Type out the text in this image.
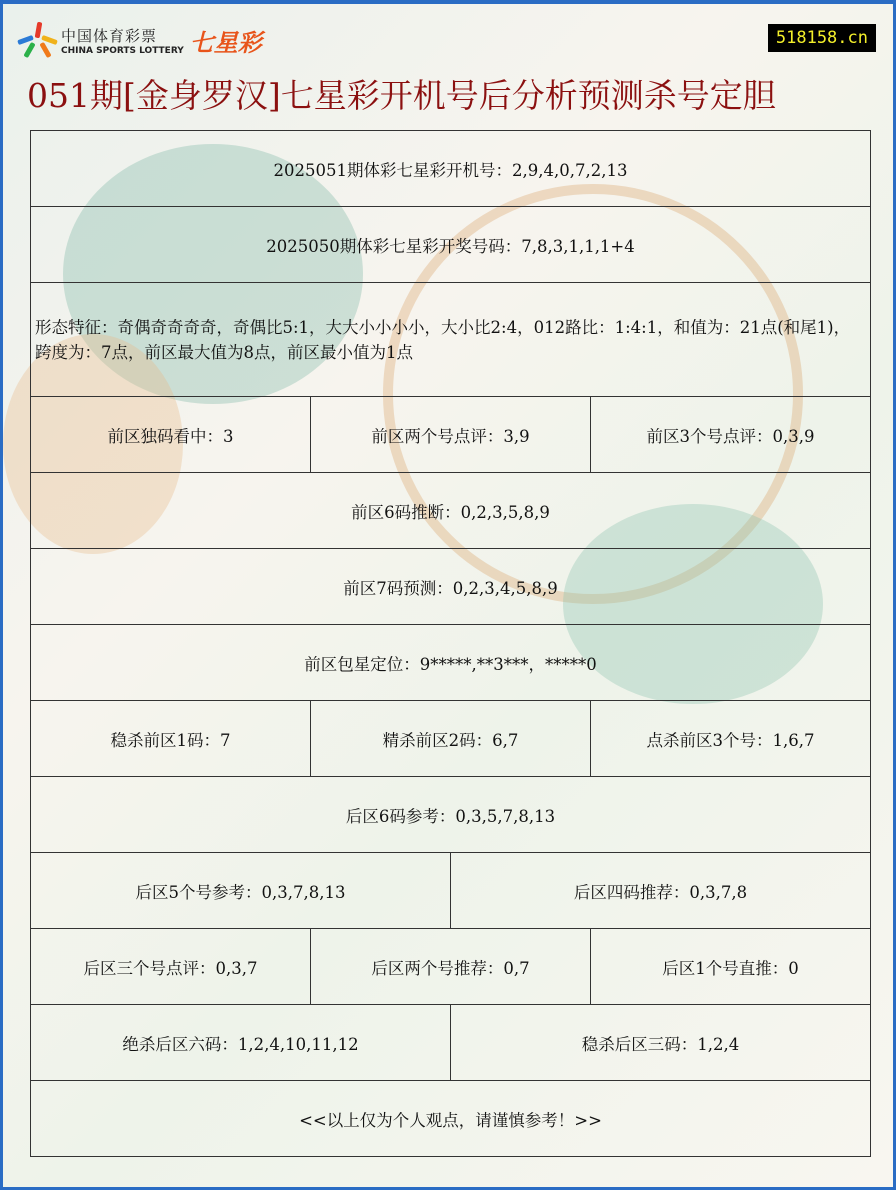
中国体育彩票
CHINA SPORTS LOTTERY 七星彩	518158.cn
051期[金身罗汉]七星彩开机号后分析预测杀号定胆
2025051期体彩七星彩开机号：2,9,4,0,7,2,13
2025050期体彩七星彩开奖号码：7,8,3,1,1,1+4
形态特征：奇偶奇奇奇奇，奇偶比5:1，大大小小小小，大小比2:4，012路比：1:4:1，和值为：21点(和尾1)，跨度为：7点，前区最大值为8点，前区最小值为1点
前区独码看中：3	前区两个号点评：3,9	前区3个号点评：0,3,9
前区6码推断：0,2,3,5,8,9
前区7码预测：0,2,3,4,5,8,9
前区包星定位：9*****,**3***，*****0
稳杀前区1码：7	精杀前区2码：6,7	点杀前区3个号：1,6,7
后区6码参考：0,3,5,7,8,13
后区5个号参考：0,3,7,8,13	后区四码推荐：0,3,7,8
后区三个号点评：0,3,7	后区两个号推荐：0,7	后区1个号直推：0
绝杀后区六码：1,2,4,10,11,12	稳杀后区三码：1,2,4
<<以上仅为个人观点，请谨慎参考！>>
